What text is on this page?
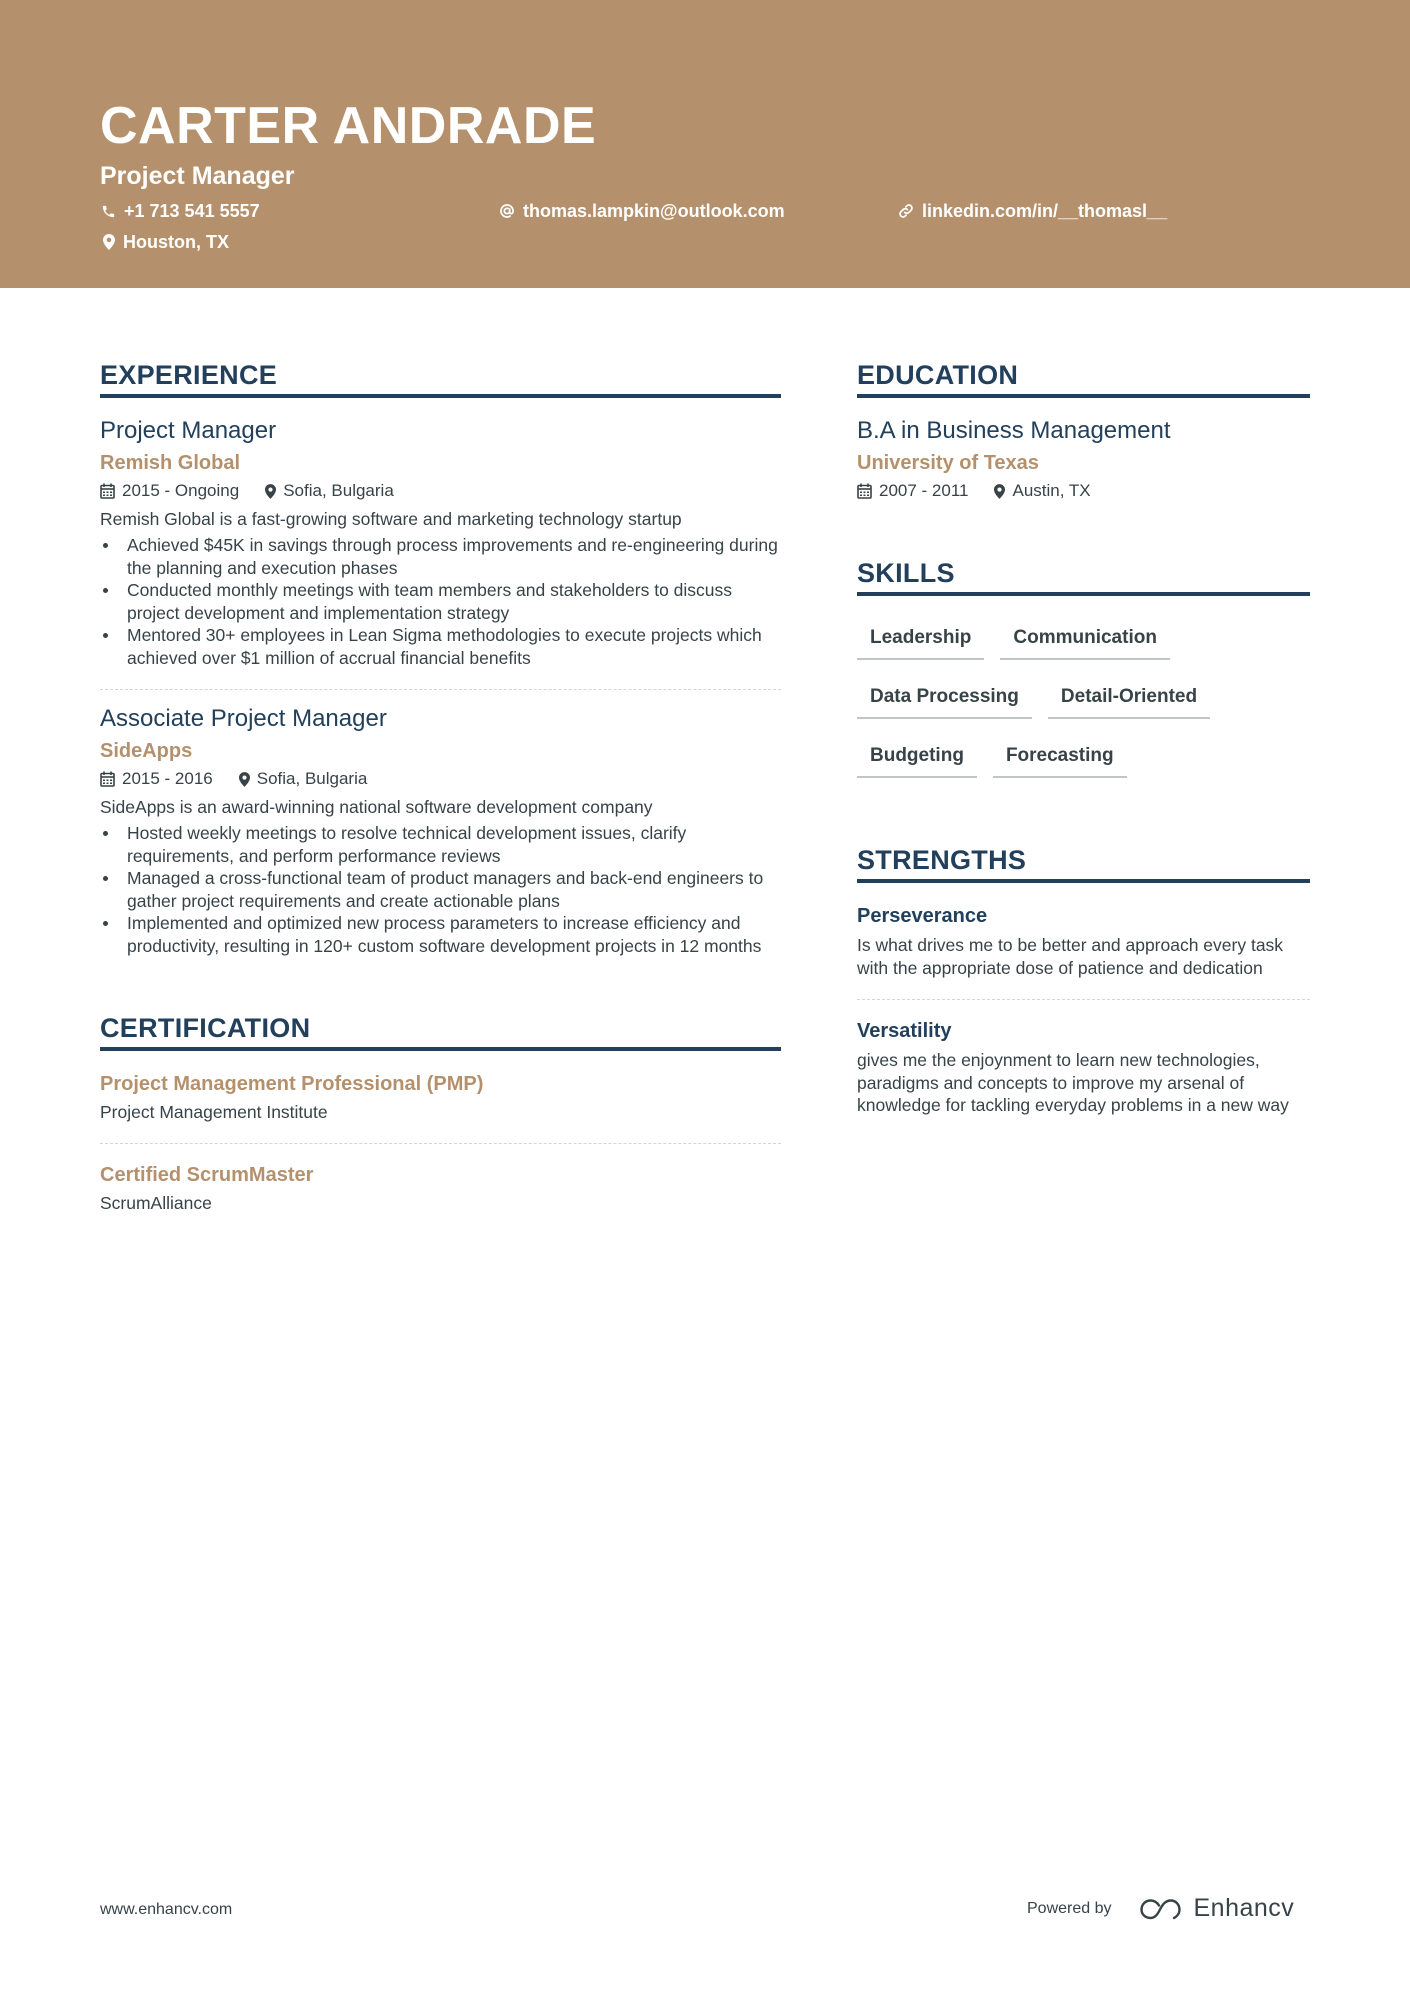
CARTER ANDRADE
Project Manager
+1 713 541 5557	thomas.lampkin@outlook.com	linkedin.com/in/__thomasl__
Houston, TX
EXPERIENCE
Project Manager
Remish Global
2015 - Ongoing	Sofia, Bulgaria
Remish Global is a fast-growing software and marketing technology startup
Achieved $45K in savings through process improvements and re-engineering during the planning and execution phases
Conducted monthly meetings with team members and stakeholders to discuss project development and implementation strategy
Mentored 30+ employees in Lean Sigma methodologies to execute projects which achieved over $1 million of accrual financial benefits
Associate Project Manager
SideApps
2015 - 2016	Sofia, Bulgaria
SideApps is an award-winning national software development company
Hosted weekly meetings to resolve technical development issues, clarify requirements, and perform performance reviews
Managed a cross-functional team of product managers and back-end engineers to gather project requirements and create actionable plans
Implemented and optimized new process parameters to increase efficiency and productivity, resulting in 120+ custom software development projects in 12 months
CERTIFICATION
Project Management Professional (PMP)
Project Management Institute
Certified ScrumMaster
ScrumAlliance
EDUCATION
B.A in Business Management
University of Texas
2007 - 2011	Austin, TX
SKILLS
Leadership	Communication
Data Processing	Detail-Oriented
Budgeting	Forecasting
STRENGTHS
Perseverance
Is what drives me to be better and approach every task with the appropriate dose of patience and dedication
Versatility
gives me the enjoynment to learn new technologies, paradigms and concepts to improve my arsenal of knowledge for tackling everyday problems in a new way
www.enhancv.com	Powered by	Enhancv
